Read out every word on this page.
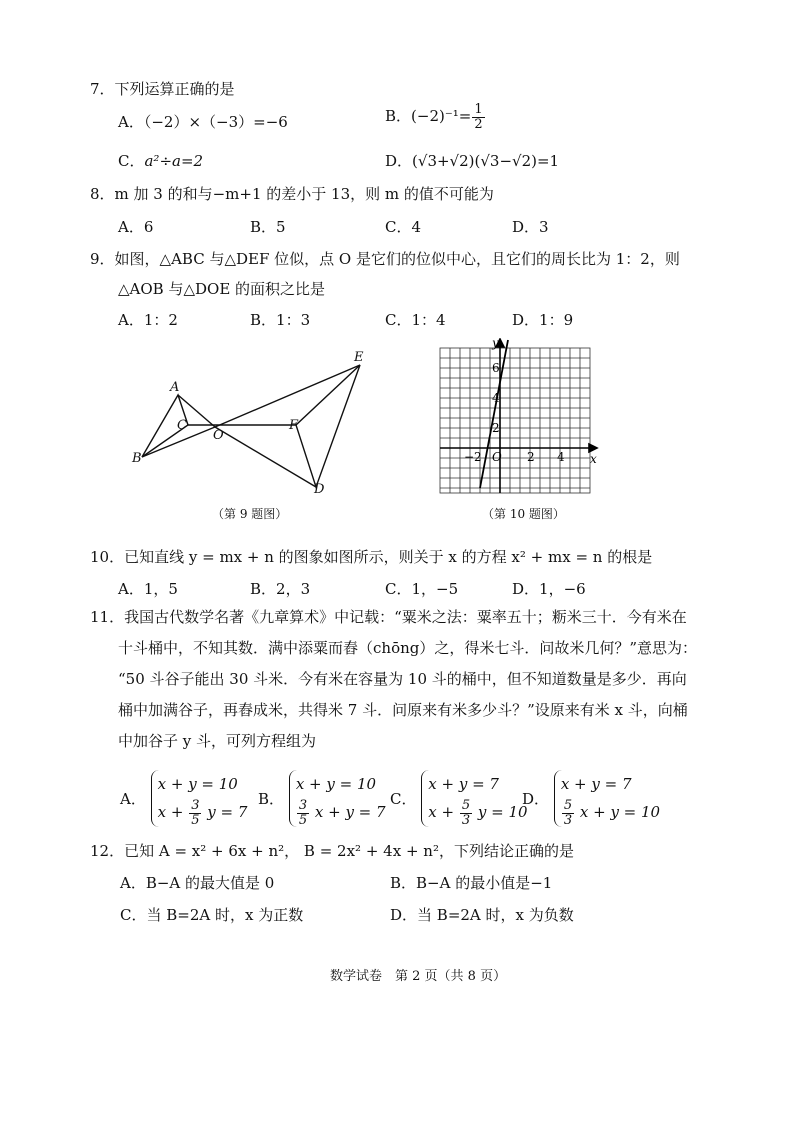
7．下列运算正确的是
A．（−2）×（−3）=−6	B．$(-2)^{-1}= \frac{1}{2}$
C．a²÷a=2	D．(√3+√2)(√3−√2)=1
8．m 加 3 的和与−m+1 的差小于 13，则 m 的值不可能为
A．6	B．5	C．4	D．3
9．如图，△ABC 与△DEF 位似，点 O 是它们的位似中心，且它们的周长比为 1：2，则
△AOB 与△DOE 的面积之比是
A．1：2	B．1：3	C．1：4	D．1：9
A
B
C
O
F
E
D
（第 9 题图）
y
x
O
6
4
2
−2	2 4
（第 10 题图）
10．已知直线 y = mx + n 的图象如图所示，则关于 x 的方程 x² + mx = n 的根是
A．1，5	B．2，3	C．1，−5	D．1，−6
11．我国古代数学名著《九章算术》中记载：“粟米之法：粟率五十；粝米三十．今有米在
十斗桶中，不知其数．满中添粟而舂（chōng）之，得米七斗．问故米几何？”意思为：
“50 斗谷子能出 30 斗米．今有米在容量为 10 斗的桶中，但不知道数量是多少．再向
桶中加满谷子，再舂成米，共得米 7 斗．问原来有米多少斗？”设原来有米 x 斗，向桶
中加谷子 y 斗，可列方程组为
A． x + y = 10
$x + \frac{3}{5}$ y = 7
B． x + y = 10

$\frac{3}{5}$ x + y = 7
C． x + y = 7
$x + \frac{5}{3}$ y = 10
D． x + y = 7

$\frac{5}{3}$ x + y = 10
12．已知 A = x² + 6x + n²， B = 2x² + 4x + n²，下列结论正确的是
A．B−A 的最大值是 0	B．B−A 的最小值是−1
C．当 B=2A 时，x 为正数	D．当 B=2A 时，x 为负数
数学试卷　第 2 页（共 8 页）
